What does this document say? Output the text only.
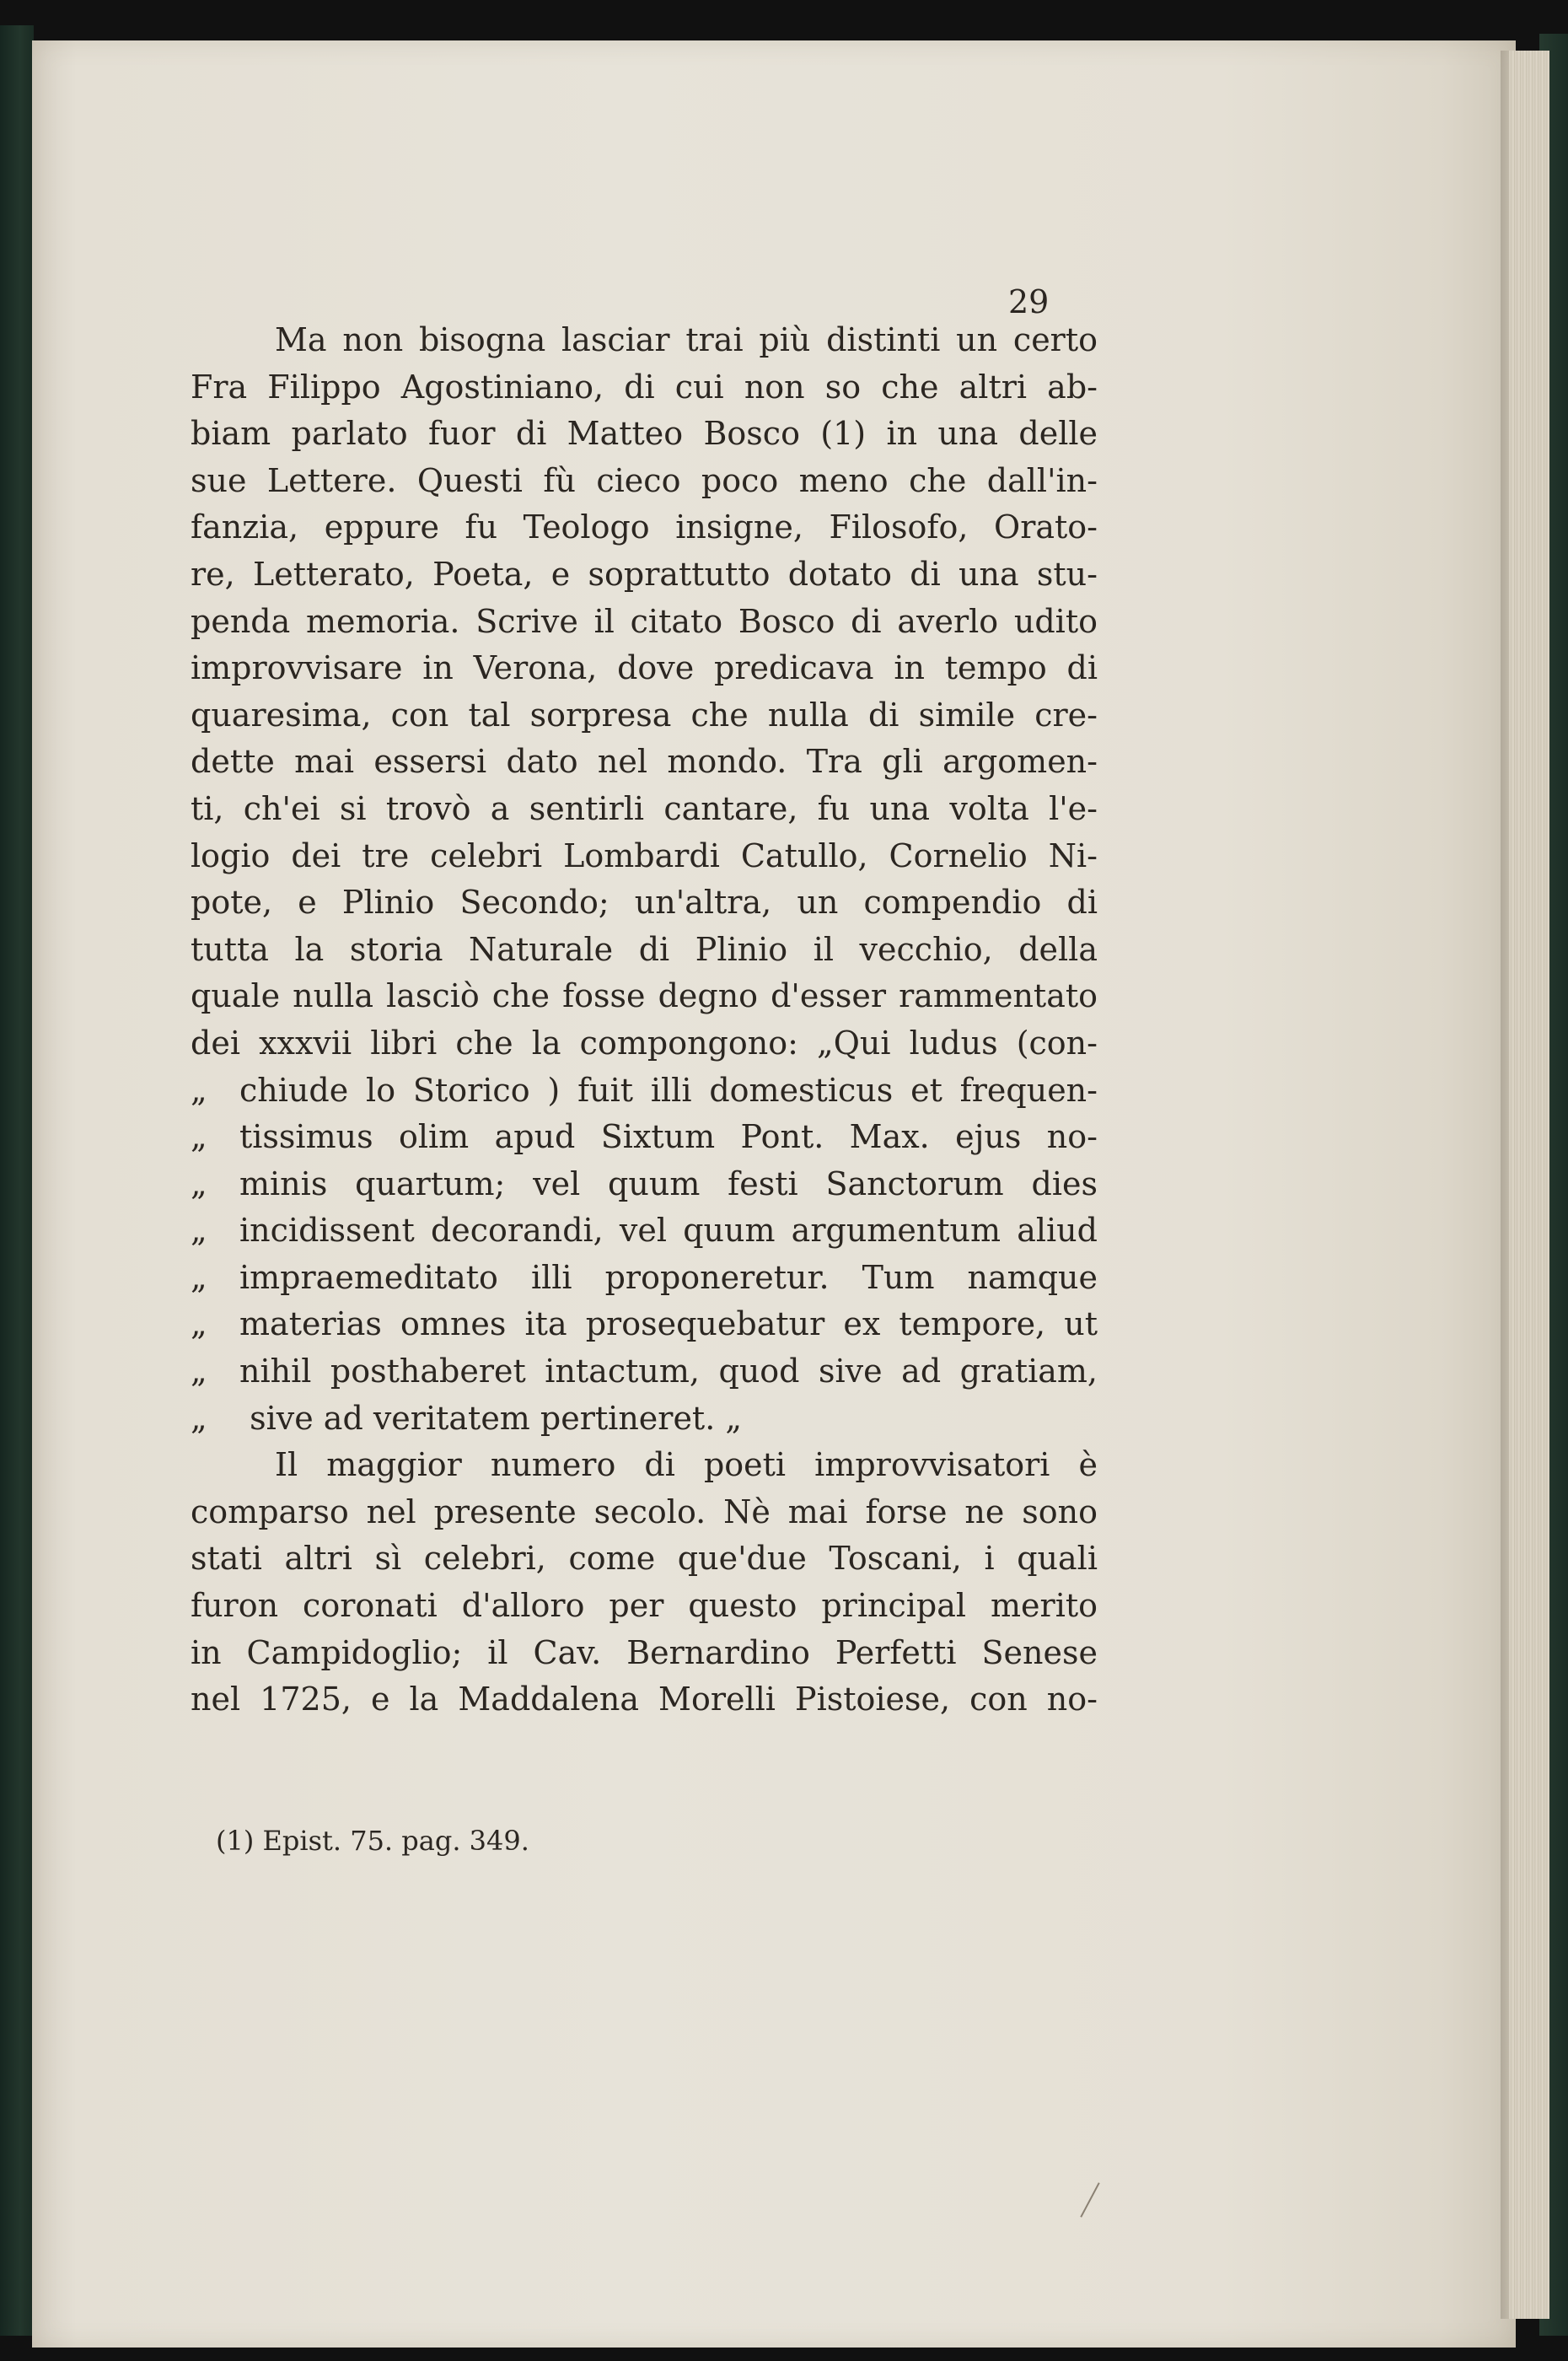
29
Ma non bisogna lasciar trai più distinti un certo
Fra Filippo Agostiniano, di cui non so che altri ab-
biam parlato fuor di Matteo Bosco (1) in una delle
sue Lettere. Questi fù cieco poco meno che dall'in-
fanzia, eppure fu Teologo insigne, Filosofo, Orato-
re, Letterato, Poeta, e soprattutto dotato di una stu-
penda memoria. Scrive il citato Bosco di averlo udito
improvvisare in Verona, dove predicava in tempo di
quaresima, con tal sorpresa che nulla di simile cre-
dette mai essersi dato nel mondo. Tra gli argomen-
ti, ch'ei si trovò a sentirli cantare, fu una volta l'e-
logio dei tre celebri Lombardi Catullo, Cornelio Ni-
pote, e Plinio Secondo; un'altra, un compendio di
tutta la storia Naturale di Plinio il vecchio, della
quale nulla lasciò che fosse degno d'esser rammentato
dei xxxvii libri che la compongono: „Qui ludus (con-
„	chiude lo Storico ) fuit illi domesticus et frequen-
„	tissimus olim apud Sixtum Pont. Max. ejus no-
„	minis quartum; vel quum festi Sanctorum dies
„	incidissent decorandi, vel quum argumentum aliud
„	impraemeditato illi proponeretur. Tum namque
„	materias omnes ita prosequebatur ex tempore, ut
„	nihil posthaberet intactum, quod sive ad gratiam,
„ sive ad veritatem pertineret. „
Il maggior numero di poeti improvvisatori è
comparso nel presente secolo. Nè mai forse ne sono
stati altri sì celebri, come que'due Toscani, i quali
furon coronati d'alloro per questo principal merito
in Campidoglio; il Cav. Bernardino Perfetti Senese
nel 1725, e la Maddalena Morelli Pistoiese, con no-
(1) Epist. 75. pag. 349.
